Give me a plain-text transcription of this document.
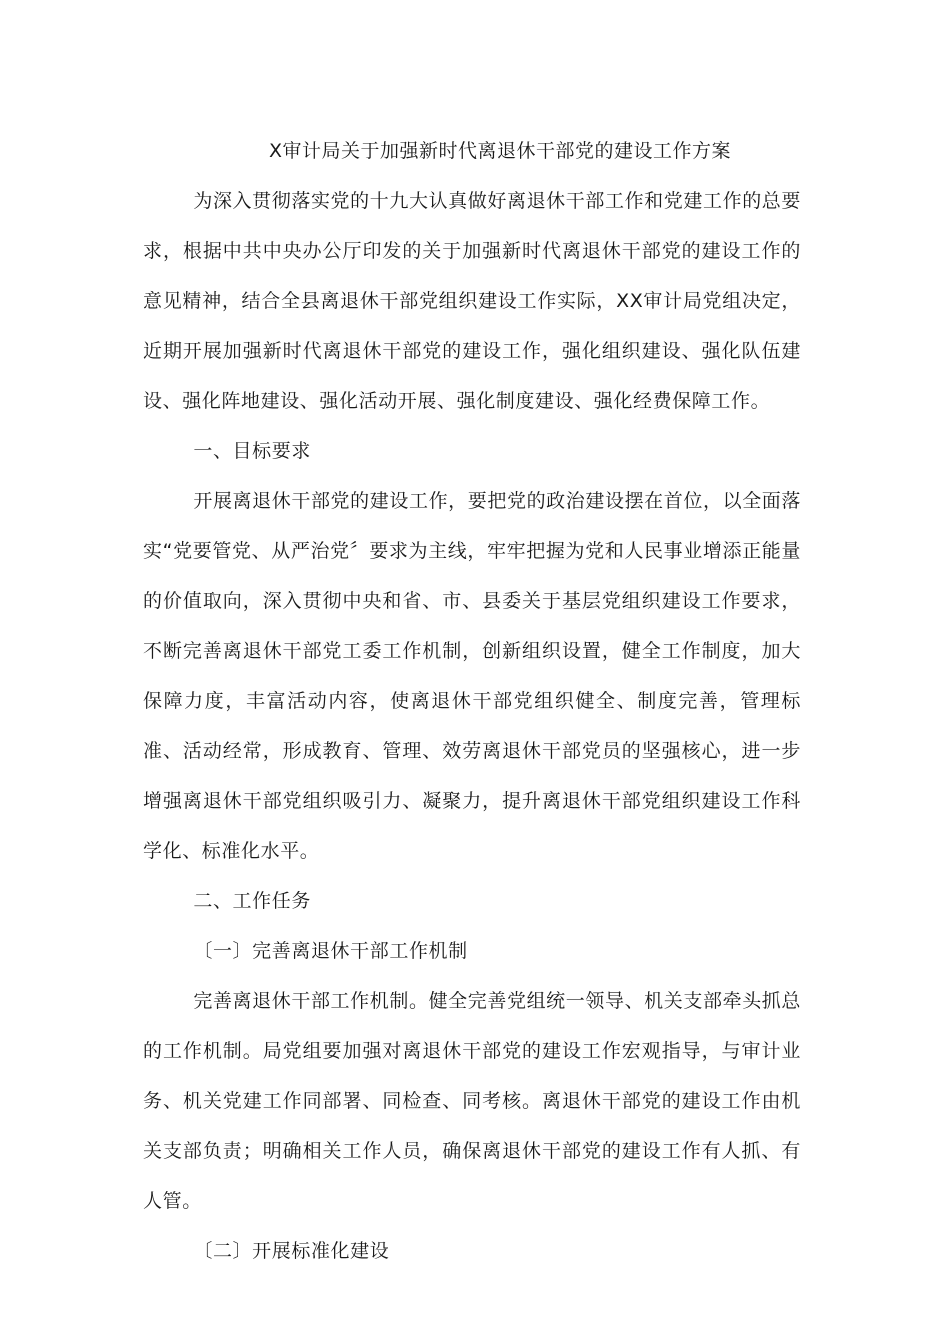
X审计局关于加强新时代离退休干部党的建设工作方案

为深入贯彻落实党的十九大认真做好离退休干部工作和党建工作的总要求，根据中共中央办公厅印发的关于加强新时代离退休干部党的建设工作的意见精神，结合全县离退休干部党组织建设工作实际，XX审计局党组决定，近期开展加强新时代离退休干部党的建设工作，强化组织建设、强化队伍建设、强化阵地建设、强化活动开展、强化制度建设、强化经费保障工作。

一、目标要求

开展离退休干部党的建设工作，要把党的政治建设摆在首位，以全面落实“党要管党、从严治党〞要求为主线，牢牢把握为党和人民事业增添正能量的价值取向，深入贯彻中央和省、市、县委关于基层党组织建设工作要求，不断完善离退休干部党工委工作机制，创新组织设置，健全工作制度，加大保障力度，丰富活动内容，使离退休干部党组织健全、制度完善，管理标准、活动经常，形成教育、管理、效劳离退休干部党员的坚强核心，进一步增强离退休干部党组织吸引力、凝聚力，提升离退休干部党组织建设工作科学化、标准化水平。

二、工作任务

〔一〕完善离退休干部工作机制

完善离退休干部工作机制。健全完善党组统一领导、机关支部牵头抓总的工作机制。局党组要加强对离退休干部党的建设工作宏观指导，与审计业务、机关党建工作同部署、同检查、同考核。离退休干部党的建设工作由机关支部负责；明确相关工作人员，确保离退休干部党的建设工作有人抓、有人管。

〔二〕开展标准化建设
